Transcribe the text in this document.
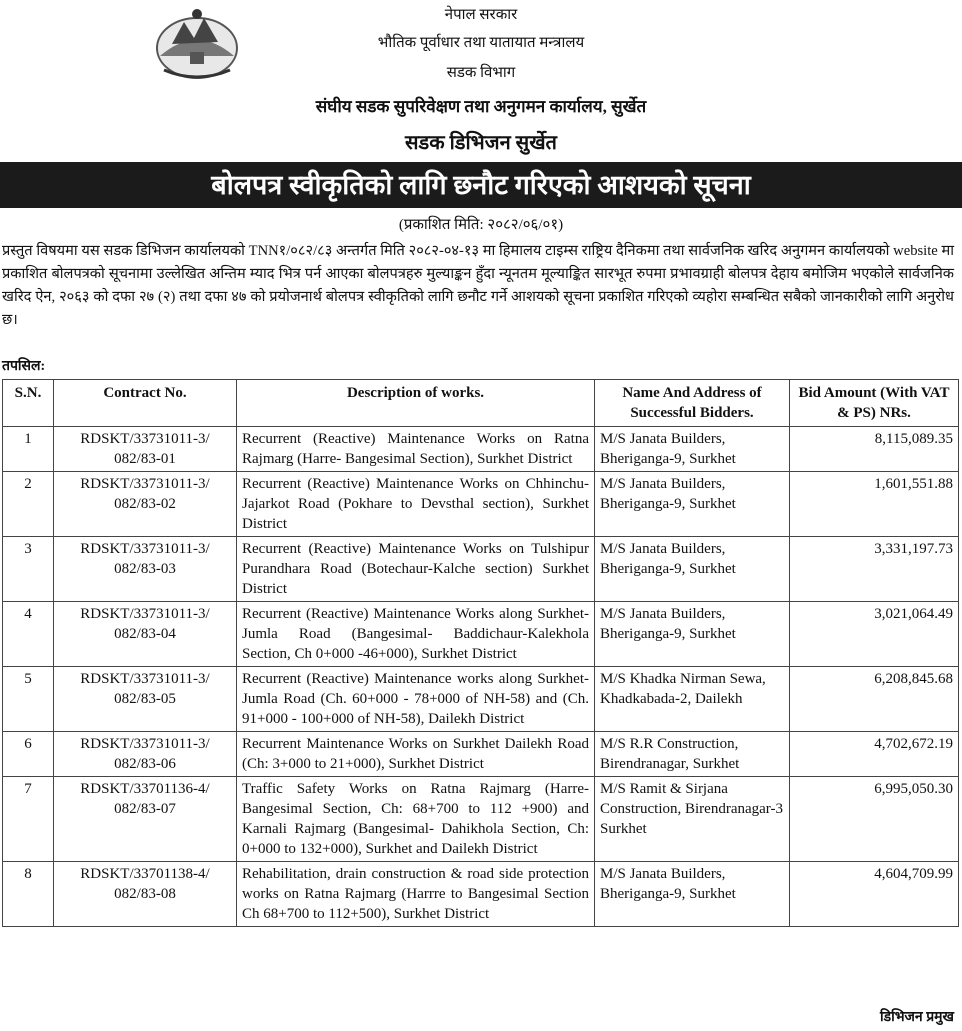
नेपाल सरकार
भौतिक पूर्वाधार तथा यातायात मन्त्रालय
सडक विभाग
संघीय सडक सुपरिवेक्षण तथा अनुगमन कार्यालय, सुर्खेत
सडक डिभिजन सुर्खेत
बोलपत्र स्वीकृतिको लागि छनौट गरिएको आशयको सूचना
(प्रकाशित मिति: २०८२/०६/०१)
प्रस्तुत विषयमा यस सडक डिभिजन कार्यालयको TNN१/०८२/८३ अन्तर्गत मिति २०८२-०४-१३ मा हिमालय टाइम्स राष्ट्रिय दैनिकमा तथा सार्वजनिक खरिद अनुगमन कार्यालयको website मा प्रकाशित बोलपत्रको सूचनामा उल्लेखित अन्तिम म्याद भित्र पर्न आएका बोलपत्रहरु मुल्याङ्कन हुँदा न्यूनतम मूल्याङ्कित सारभूत रुपमा प्रभावग्राही बोलपत्र देहाय बमोजिम भएकोले सार्वजनिक खरिद ऐन, २०६३ को दफा २७ (२) तथा दफा ४७ को प्रयोजनार्थ बोलपत्र स्वीकृतिको लागि छनौट गर्ने आशयको सूचना प्रकाशित गरिएको व्यहोरा सम्बन्धित सबैको जानकारीको लागि अनुरोध छ।
तपसिल:
S.N.	Contract No.	Description of works.	Name And Address of Successful Bidders.	Bid Amount (With VAT & PS) NRs.
1	RDSKT/33731011-3/ 082/83-01	Recurrent (Reactive) Maintenance Works on Ratna Rajmarg (Harre- Bangesimal Section), Surkhet District	M/S Janata Builders, Bheriganga-9, Surkhet	8,115,089.35
2	RDSKT/33731011-3/ 082/83-02	Recurrent (Reactive) Maintenance Works on Chhinchu-Jajarkot Road (Pokhare to Devsthal section), Surkhet District	M/S Janata Builders, Bheriganga-9, Surkhet	1,601,551.88
3	RDSKT/33731011-3/ 082/83-03	Recurrent (Reactive) Maintenance Works on Tulshipur Purandhara Road (Botechaur-Kalche section) Surkhet District	M/S Janata Builders, Bheriganga-9, Surkhet	3,331,197.73
4	RDSKT/33731011-3/ 082/83-04	Recurrent (Reactive) Maintenance Works along Surkhet-Jumla Road (Bangesimal- Baddichaur-Kalekhola Section, Ch 0+000 -46+000), Surkhet District	M/S Janata Builders, Bheriganga-9, Surkhet	3,021,064.49
5	RDSKT/33731011-3/ 082/83-05	Recurrent (Reactive) Maintenance works along Surkhet-Jumla Road (Ch. 60+000 - 78+000 of NH-58) and (Ch. 91+000 - 100+000 of NH-58), Dailekh District	M/S Khadka Nirman Sewa, Khadkabada-2, Dailekh	6,208,845.68
6	RDSKT/33731011-3/ 082/83-06	Recurrent Maintenance Works on Surkhet Dailekh Road (Ch: 3+000 to 21+000), Surkhet District	M/S R.R Construction, Birendranagar, Surkhet	4,702,672.19
7	RDSKT/33701136-4/ 082/83-07	Traffic Safety Works on Ratna Rajmarg (Harre-Bangesimal Section, Ch: 68+700 to 112 +900) and Karnali Rajmarg (Bangesimal- Dahikhola Section, Ch: 0+000 to 132+000), Surkhet and Dailekh District	M/S Ramit & Sirjana Construction, Birendranagar-3 Surkhet	6,995,050.30
8	RDSKT/33701138-4/ 082/83-08	Rehabilitation, drain construction & road side protection works on Ratna Rajmarg (Harrre to Bangesimal Section Ch 68+700 to 112+500), Surkhet District	M/S Janata Builders, Bheriganga-9, Surkhet	4,604,709.99
डिभिजन प्रमुख
